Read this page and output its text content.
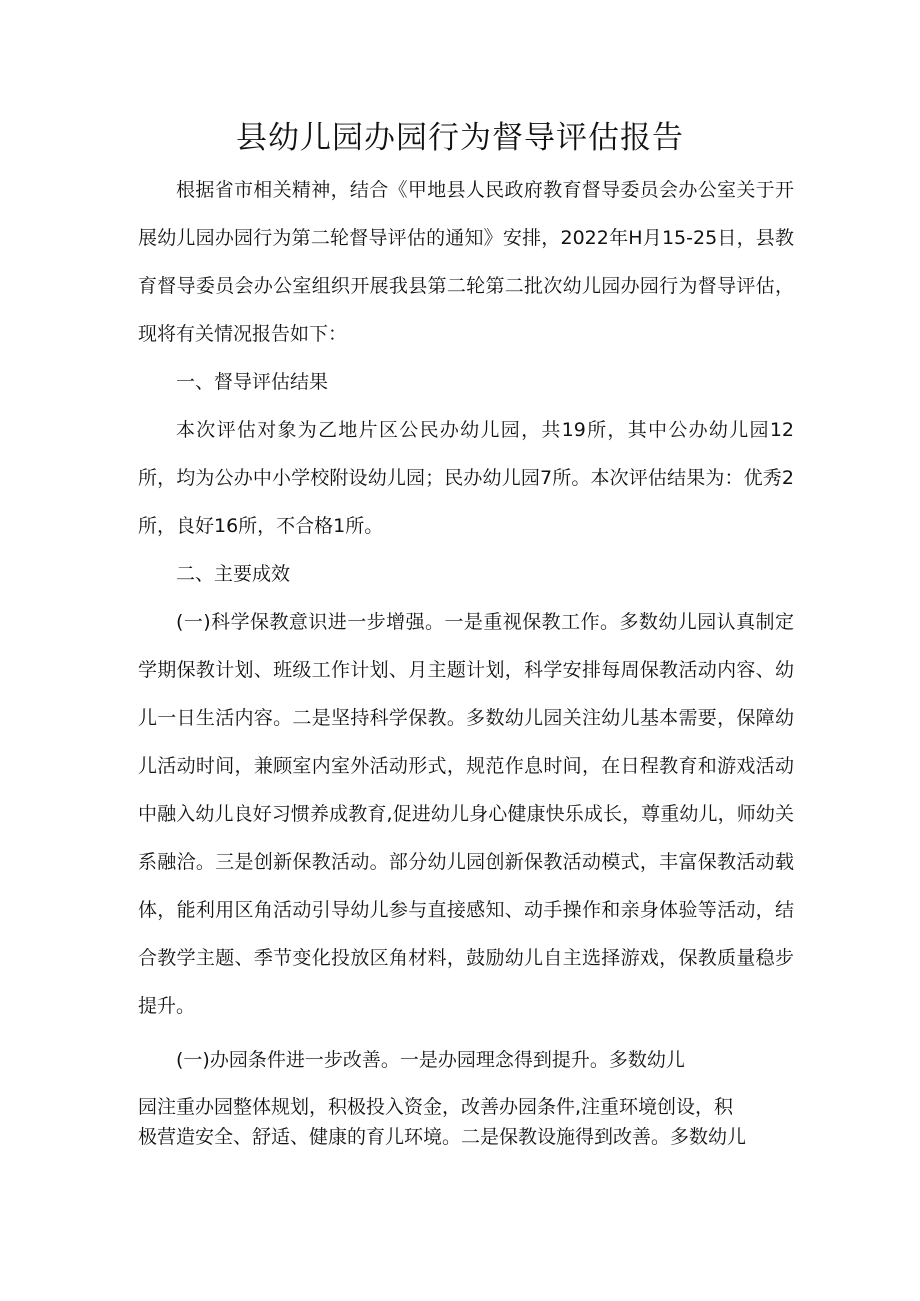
县幼儿园办园行为督导评估报告

根据省市相关精神，结合《甲地县人民政府教育督导委员会办公室关于开展幼儿园办园行为第二轮督导评估的通知》安排，2022年H月15-25日，县教育督导委员会办公室组织开展我县第二轮第二批次幼儿园办园行为督导评估，现将有关情况报告如下：

一、督导评估结果

本次评估对象为乙地片区公民办幼儿园，共19所，其中公办幼儿园12所，均为公办中小学校附设幼儿园；民办幼儿园7所。本次评估结果为：优秀2所，良好16所，不合格1所。

二、主要成效

(一)科学保教意识进一步增强。一是重视保教工作。多数幼儿园认真制定学期保教计划、班级工作计划、月主题计划，科学安排每周保教活动内容、幼儿一日生活内容。二是坚持科学保教。多数幼儿园关注幼儿基本需要，保障幼儿活动时间，兼顾室内室外活动形式，规范作息时间，在日程教育和游戏活动中融入幼儿良好习惯养成教育,促进幼儿身心健康快乐成长，尊重幼儿，师幼关系融洽。三是创新保教活动。部分幼儿园创新保教活动模式，丰富保教活动载体，能利用区角活动引导幼儿参与直接感知、动手操作和亲身体验等活动，结合教学主题、季节变化投放区角材料，鼓励幼儿自主选择游戏，保教质量稳步提升。

(一)办园条件进一步改善。一是办园理念得到提升。多数幼儿

园注重办园整体规划，积极投入资金，改善办园条件,注重环境创设，积

极营造安全、舒适、健康的育儿环境。二是保教设施得到改善。多数幼儿
